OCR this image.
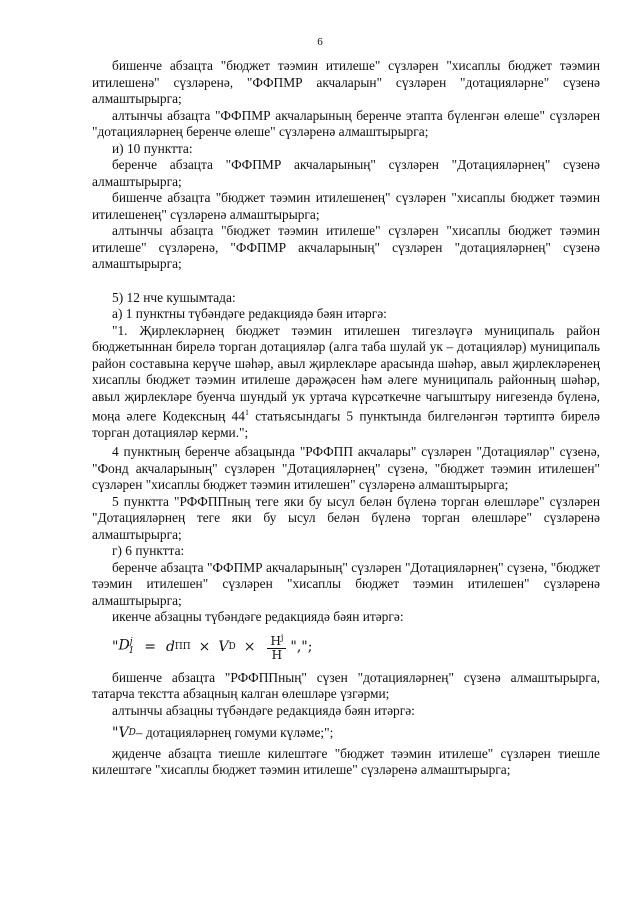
6

бишенче абзацта "бюджет тәэмин итилешe" сүзләрен "хисаплы бюджет тәэмин итилешенә" сүзләренә, "ФФПМР акчаларын" сүзләрен "дотацияләрне" сүзенә алмаштырырга;

алтынчы абзацта "ФФПМР акчаларының беренче этапта бүленгән өлеше" сүзләрен "дотацияләрнең беренче өлеше" сүзләренә алмаштырырга;

и) 10 пунктта:

беренче абзацта "ФФПМР акчаларының" сүзләрен "Дотацияләрнең" сүзенә алмаштырырга;

бишенче абзацта "бюджет тәэмин итилешенең" сүзләрен "хисаплы бюджет тәэмин итилешенең" сүзләренә алмаштырырга;

алтынчы абзацта "бюджет тәэмин итилешe" сүзләрен "хисаплы бюджет тәэмин итилешe" сүзләренә, "ФФПМР акчаларының" сүзләрен "дотацияләрнең" сүзенә алмаштырырга;

5) 12 нче кушымтада:

а) 1 пунктны түбәндәге редакциядә бәян итәргә:

"1. Җирлекләрнең бюджет тәэмин итилешен тигезләүгә муниципаль район бюджетыннан бирелә торган дотацияләр (алга таба шулай ук – дотацияләр) муниципаль район составына керүче шәһәр, авыл җирлекләре арасында шәһәр, авыл җирлекләренең хисаплы бюджет тәэмин итилешe дәрәҗәсен һәм әлеге муниципаль районның шәһәр, авыл җирлекләре буенча шундый ук уртача күрсәткечне чагыштыру нигезендә бүленә, моңа әлеге Кодексның $44^1$ статьясындагы 5 пунктында билгеләнгән тәртиптә бирелә торган дотацияләр керми.";

4 пунктның беренче абзацында "РФФПП акчалары" сүзләрен "Дотацияләр" сүзенә, "Фонд акчаларының" сүзләрен "Дотацияләрнең" сүзенә, "бюджет тәэмин итилешен" сүзләрен "хисаплы бюджет тәэмин итилешен" сүзләренә алмаштырырга;

5 пунктта "РФФППның тегe яки бу ысул белән бүленә торган өлешләре" сүзләрен "Дотацияләрнең тегe яки бу ысул белән бүленә торган өлешләре" сүзләренә алмаштырырга;

г) 6 пунктта:

беренче абзацта "ФФПМР акчаларының" сүзләрен "Дотацияләрнең" сүзенә, "бюджет тәэмин итилешен" сүзләрен "хисаплы бюджет тәэмин итилешен" сүзләренә алмаштырырга;

икенче абзацны түбәндәге редакциядә бәян итәргә:

" $D^j_1 = d$ ПП × V $D \times \frac{Н^j}{Н}$ ",";

бишенче абзацта "РФФППның" сүзен "дотацияләрнең" сүзенә алмаштырырга, татарча текстта абзацның калган өлешләре үзгәрми;

алтынчы абзацны түбәндәге редакциядә бәян итәргә:

" V D – дотацияләрнең гомуми күләме;";

җиденче абзацта тиешле килештәге "бюджет тәэмин итилешe" сүзләрен тиешле килештәге "хисаплы бюджет тәэмин итилешe" сүзләренә алмаштырырга;
